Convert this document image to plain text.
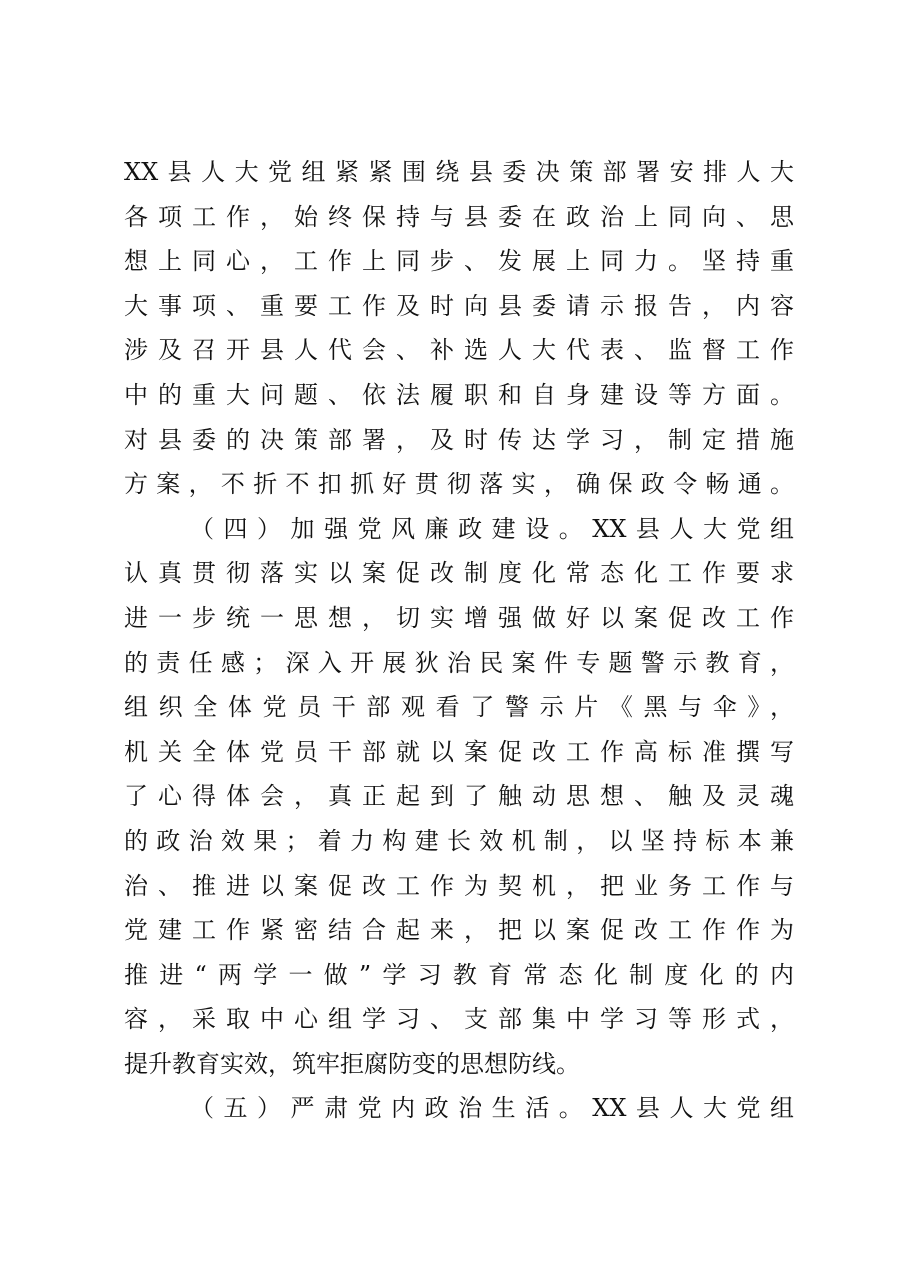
XX县人大党组紧紧围绕县委决策部署安排人大
各项工作，始终保持与县委在政治上同向、思
想上同心，工作上同步、发展上同力。坚持重
大事项、重要工作及时向县委请示报告，内容
涉及召开县人代会、补选人大代表、监督工作
中的重大问题、依法履职和自身建设等方面。
对县委的决策部署，及时传达学习，制定措施
方案，不折不扣抓好贯彻落实，确保政令畅通。
（四）加强党风廉政建设。XX县人大党组
认真贯彻落实以案促改制度化常态化工作要求
进一步统一思想，切实增强做好以案促改工作
的责任感；深入开展狄治民案件专题警示教育，
组织全体党员干部观看了警示片《黑与伞》，
机关全体党员干部就以案促改工作高标准撰写
了心得体会，真正起到了触动思想、触及灵魂
的政治效果；着力构建长效机制，以坚持标本兼
治、推进以案促改工作为契机，把业务工作与
党建工作紧密结合起来，把以案促改工作作为
推进“两学一做”学习教育常态化制度化的内
容，采取中心组学习、支部集中学习等形式，
提升教育实效，筑牢拒腐防变的思想防线。
（五）严肃党内政治生活。XX县人大党组
